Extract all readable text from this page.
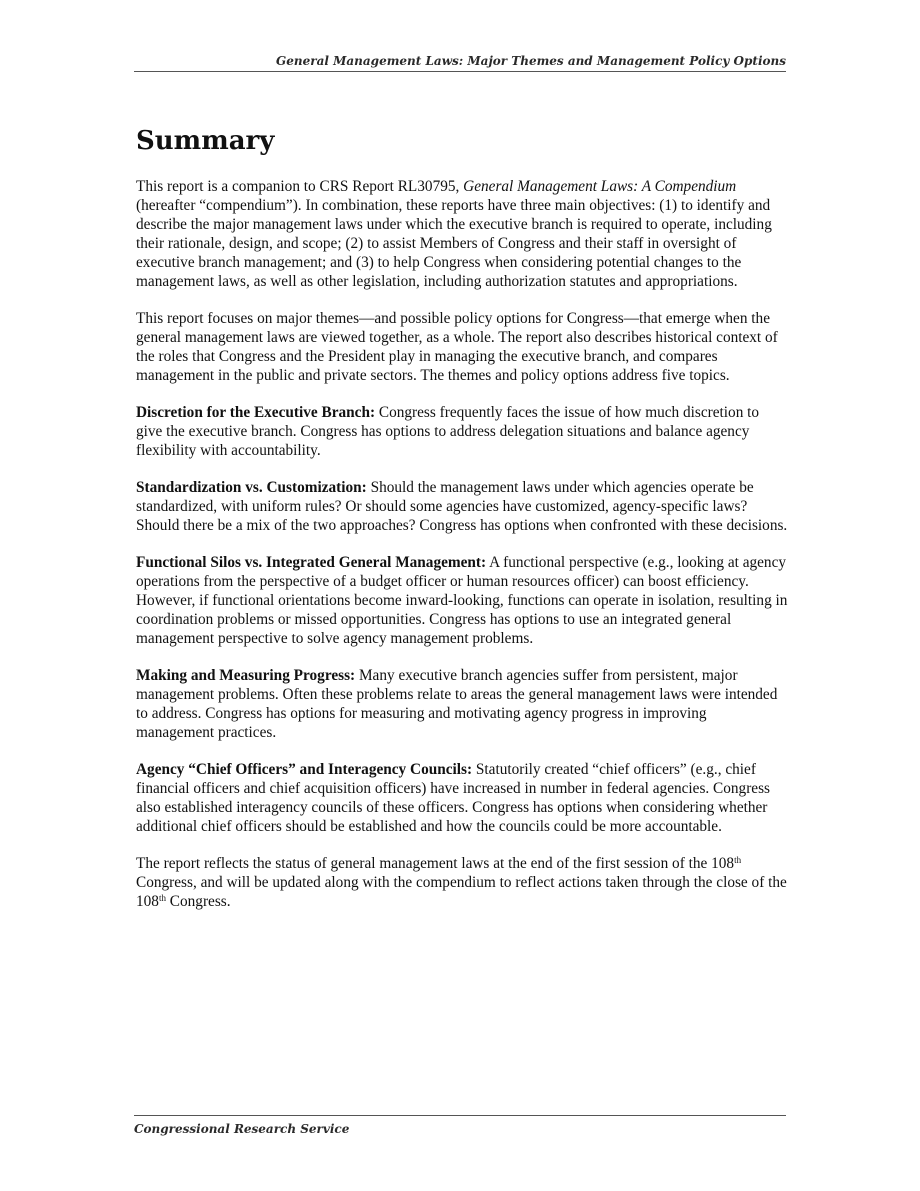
General Management Laws: Major Themes and Management Policy Options
Summary

This report is a companion to CRS Report RL30795, General Management Laws: A Compendium (hereafter “compendium”). In combination, these reports have three main objectives: (1) to identify and describe the major management laws under which the executive branch is required to operate, including their rationale, design, and scope; (2) to assist Members of Congress and their staff in oversight of executive branch management; and (3) to help Congress when considering potential changes to the management laws, as well as other legislation, including authorization statutes and appropriations.

This report focuses on major themes—and possible policy options for Congress—that emerge when the general management laws are viewed together, as a whole. The report also describes historical context of the roles that Congress and the President play in managing the executive branch, and compares management in the public and private sectors. The themes and policy options address five topics.

Discretion for the Executive Branch: Congress frequently faces the issue of how much discretion to give the executive branch. Congress has options to address delegation situations and balance agency flexibility with accountability.

Standardization vs. Customization: Should the management laws under which agencies operate be standardized, with uniform rules? Or should some agencies have customized, agency-specific laws? Should there be a mix of the two approaches? Congress has options when confronted with these decisions.

Functional Silos vs. Integrated General Management: A functional perspective (e.g., looking at agency operations from the perspective of a budget officer or human resources officer) can boost efficiency. However, if functional orientations become inward-looking, functions can operate in isolation, resulting in coordination problems or missed opportunities. Congress has options to use an integrated general management perspective to solve agency management problems.

Making and Measuring Progress: Many executive branch agencies suffer from persistent, major management problems. Often these problems relate to areas the general management laws were intended to address. Congress has options for measuring and motivating agency progress in improving management practices.

Agency “Chief Officers” and Interagency Councils: Statutorily created “chief officers” (e.g., chief financial officers and chief acquisition officers) have increased in number in federal agencies. Congress also established interagency councils of these officers. Congress has options when considering whether additional chief officers should be established and how the councils could be more accountable.

The report reflects the status of general management laws at the end of the first session of the 108th Congress, and will be updated along with the compendium to reflect actions taken through the close of the 108th Congress.

Congressional Research Service
